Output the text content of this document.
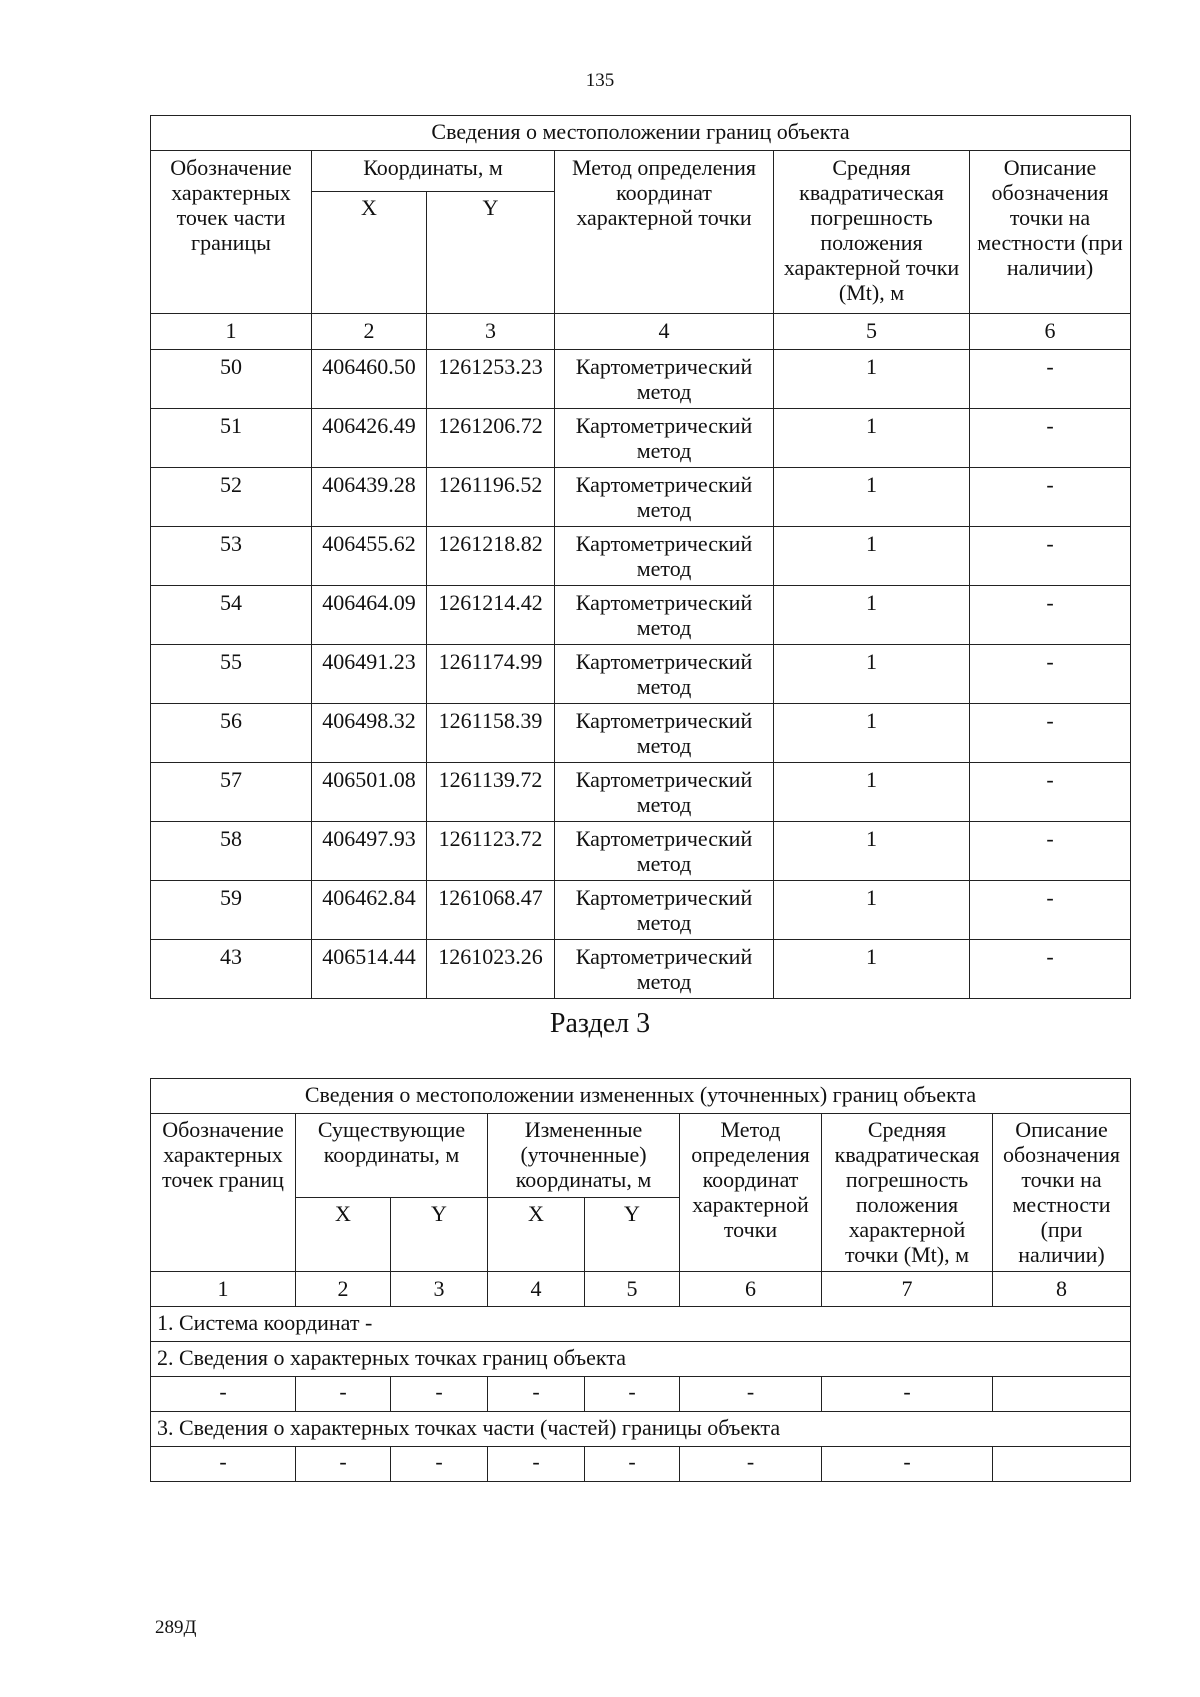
135
Сведения о местоположении границ объекта					
Обозначение характерных точек части границы	Координаты, м		Метод определения координат характерной точки	Средняя квадратическая погрешность положения характерной точки (Mt), м	Описание обозначения точки на местности (при наличии)
	X	Y			
1	2	3	4	5	6
50	406460.50	1261253.23	Картометрический метод	1	-
51	406426.49	1261206.72	Картометрический метод	1	-
52	406439.28	1261196.52	Картометрический метод	1	-
53	406455.62	1261218.82	Картометрический метод	1	-
54	406464.09	1261214.42	Картометрический метод	1	-
55	406491.23	1261174.99	Картометрический метод	1	-
56	406498.32	1261158.39	Картометрический метод	1	-
57	406501.08	1261139.72	Картометрический метод	1	-
58	406497.93	1261123.72	Картометрический метод	1	-
59	406462.84	1261068.47	Картометрический метод	1	-
43	406514.44	1261023.26	Картометрический метод	1	-
Раздел 3
Сведения о местоположении измененных (уточненных) границ объекта							
Обозначение характерных точек границ	Существующие координаты, м		Измененные (уточненные) координаты, м		Метод определения координат характерной точки	Средняя квадратическая погрешность положения характерной точки (Mt), м	Описание обозначения точки на местности (при наличии)
	X	Y	X	Y			
1	2	3	4	5	6	7	8
1. Система координат -							
2. Сведения о характерных точках границ объекта							
-	-	-	-	-	-	-	
3. Сведения о характерных точках части (частей) границы объекта							
-	-	-	-	-	-	-	
289Д
